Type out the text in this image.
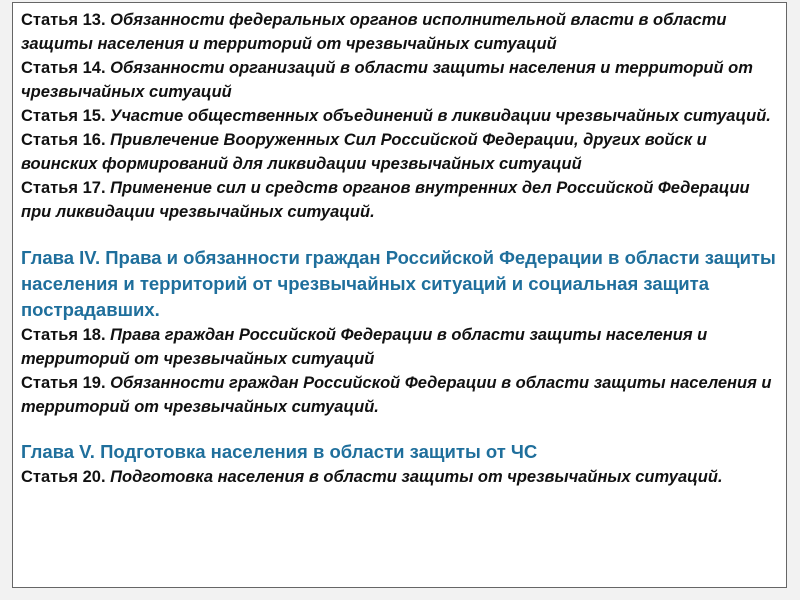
Статья 13. Обязанности федеральных органов исполнительной власти в области защиты населения и территорий от чрезвычайных ситуаций

Статья 14. Обязанности организаций в области защиты населения и территорий от чрезвычайных ситуаций

Статья 15. Участие общественных объединений в ликвидации чрезвычайных ситуаций.

Статья 16. Привлечение Вооруженных Сил Российской Федерации, других войск и воинских формирований для ликвидации чрезвычайных ситуаций

Статья 17. Применение сил и средств органов внутренних дел Российской Федерации при ликвидации чрезвычайных ситуаций.

Глава IV. Права и обязанности граждан Российской Федерации в области защиты населения и территорий от чрезвычайных ситуаций и социальная защита пострадавших.

Статья 18. Права граждан Российской Федерации в области защиты населения и территорий от чрезвычайных ситуаций

Статья 19. Обязанности граждан Российской Федерации в области защиты населения и территорий от чрезвычайных ситуаций.

Глава V. Подготовка населения в области защиты от ЧС

Статья 20. Подготовка населения в области защиты от чрезвычайных ситуаций.
